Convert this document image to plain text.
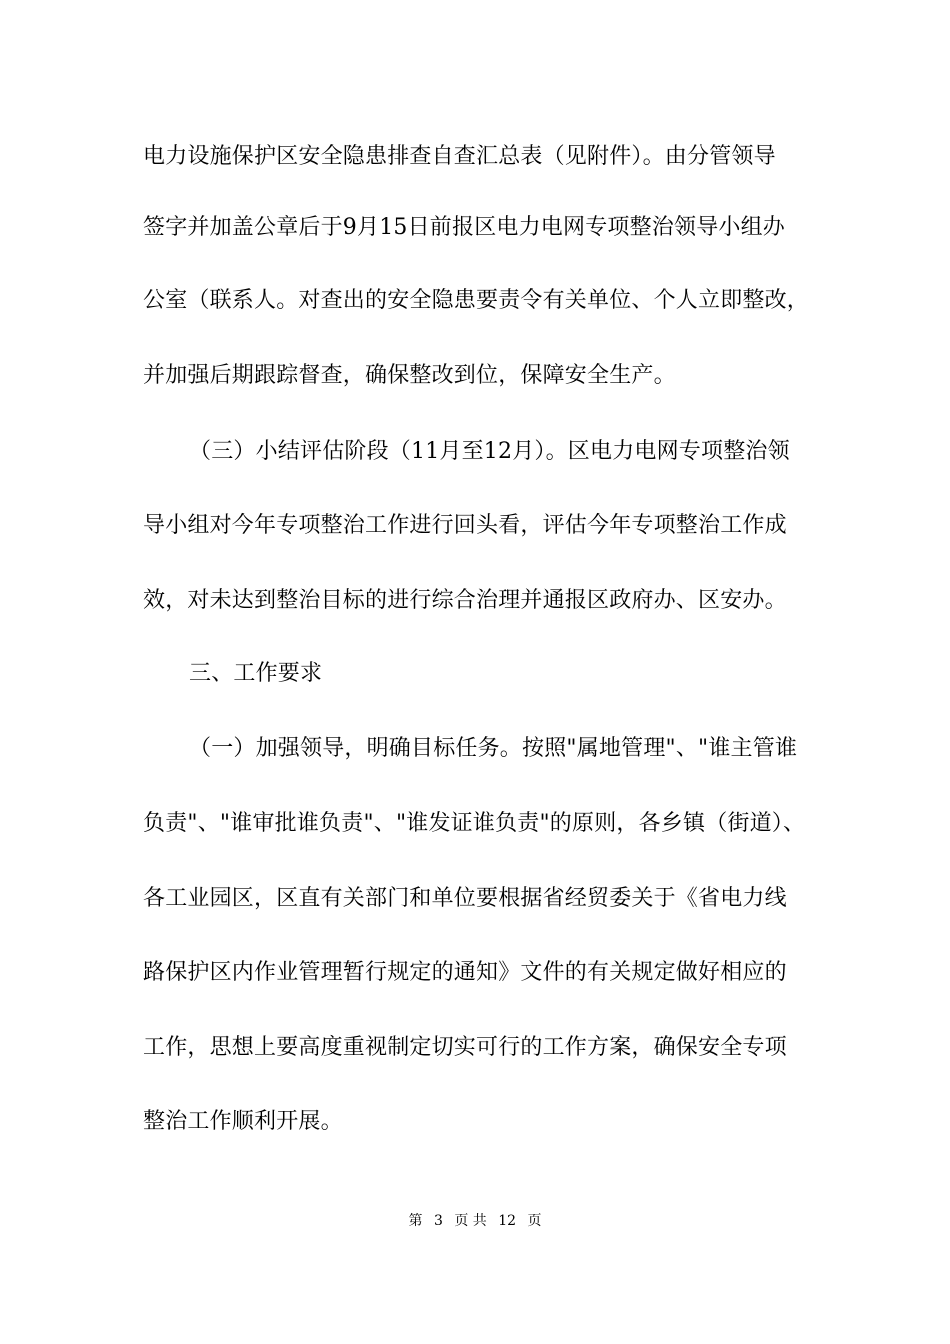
电力设施保护区安全隐患排查自查汇总表（见附件）。由分管领导
签字并加盖公章后于9月15日前报区电力电网专项整治领导小组办
公室（联系人。对查出的安全隐患要责令有关单位、个人立即整改，
并加强后期跟踪督查，确保整改到位，保障安全生产。
（三）小结评估阶段（11月至12月）。区电力电网专项整治领
导小组对今年专项整治工作进行回头看，评估今年专项整治工作成
效，对未达到整治目标的进行综合治理并通报区政府办、区安办。
三、工作要求
（一）加强领导，明确目标任务。按照"属地管理"、"谁主管谁
负责"、"谁审批谁负责"、"谁发证谁负责"的原则，各乡镇（街道）、
各工业园区，区直有关部门和单位要根据省经贸委关于《省电力线
路保护区内作业管理暂行规定的通知》文件的有关规定做好相应的
工作，思想上要高度重视制定切实可行的工作方案，确保安全专项
整治工作顺利开展。
第 3 页 共 12 页
